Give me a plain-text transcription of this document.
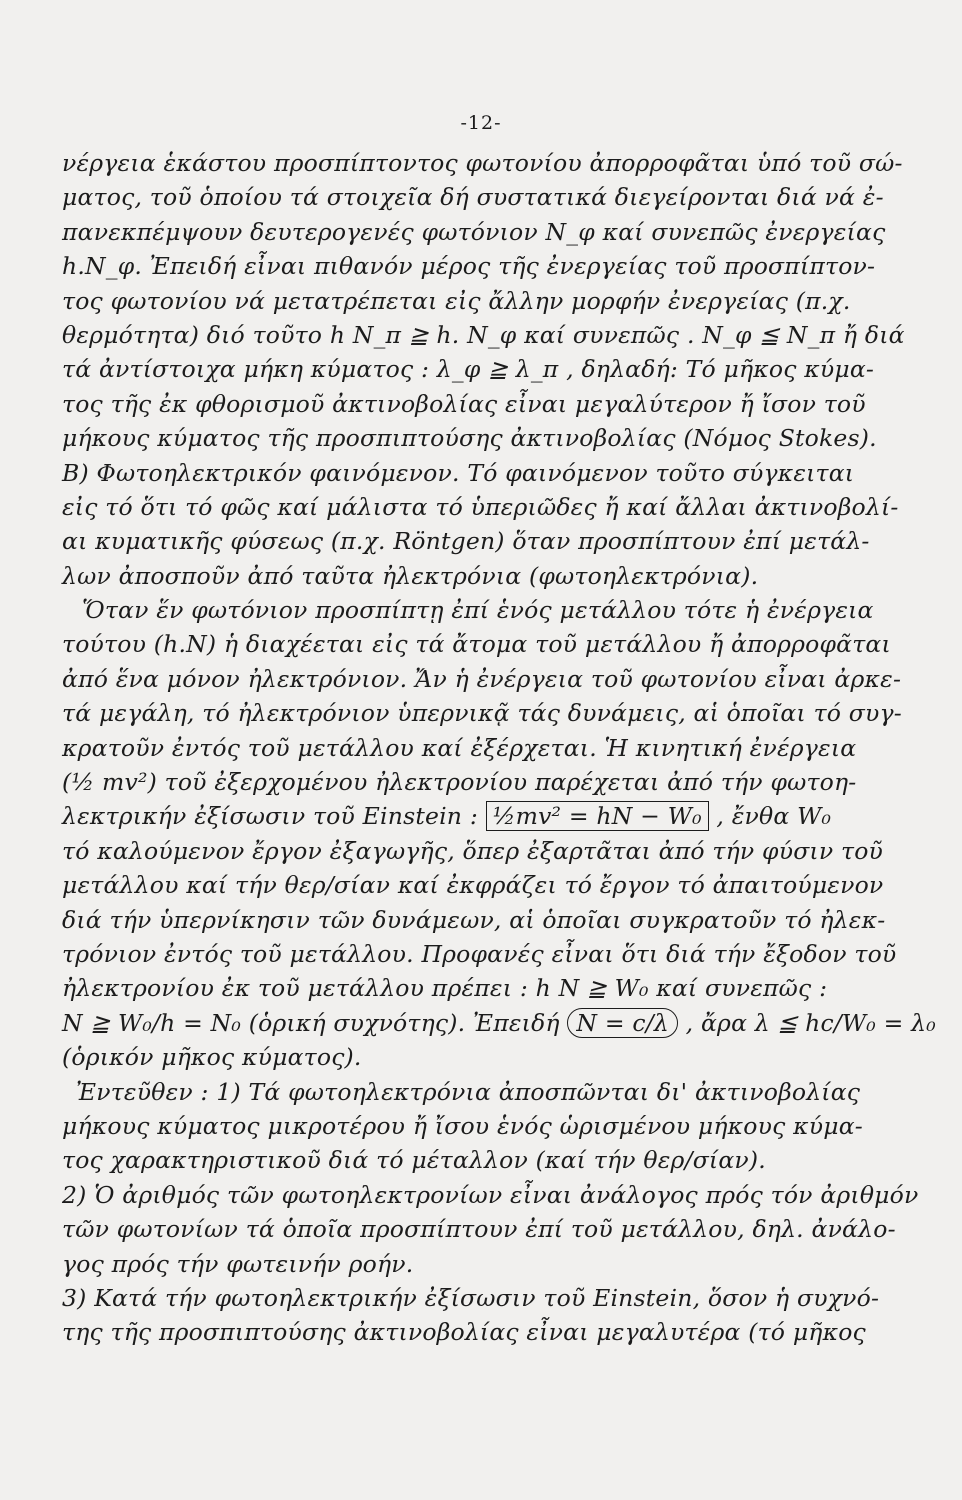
-12-
νέργεια ἑκάστου προσπίπτοντος φωτονίου ἀπορροφᾶται ὑπό τοῦ σώ-
ματος, τοῦ ὁποίου τά στοιχεῖα δή συστατικά διεγείρονται διά νά ἐ-
πανεκπέμψουν δευτερογενές φωτόνιον N_φ καί συνεπῶς ἐνεργείας
h.N_φ. Ἐπειδή εἶναι πιθανόν μέρος τῆς ἐνεργείας τοῦ προσπίπτον-
τος φωτονίου νά μετατρέπεται εἰς ἄλλην μορφήν ἐνεργείας (π.χ.
θερμότητα) διό τοῦτο h N_π ≧ h. N_φ καί συνεπῶς . N_φ ≦ N_π ἤ διά
τά ἀντίστοιχα μήκη κύματος : λ_φ ≧ λ_π , δηλαδή: Τό μῆκος κύμα-
τος τῆς ἐκ φθορισμοῦ ἀκτινοβολίας εἶναι μεγαλύτερον ἤ ἴσον τοῦ
μήκους κύματος τῆς προσπιπτούσης ἀκτινοβολίας (Νόμος Stokes).
B) Φωτοηλεκτρικόν φαινόμενον. Τό φαινόμενον τοῦτο σύγκειται
εἰς τό ὅτι τό φῶς καί μάλιστα τό ὑπεριῶδες ἤ καί ἄλλαι ἀκτινοβολί-
αι κυματικῆς φύσεως (π.χ. Röntgen) ὅταν προσπίπτουν ἐπί μετάλ-
λων ἀποσποῦν ἀπό ταῦτα ἠλεκτρόνια (φωτοηλεκτρόνια).
Ὅταν ἕν φωτόνιον προσπίπτῃ ἐπί ἑνός μετάλλου τότε ἡ ἐνέργεια
τούτου (h.N) ἡ διαχέεται εἰς τά ἄτομα τοῦ μετάλλου ἤ ἀπορροφᾶται
ἀπό ἕνα μόνον ἠλεκτρόνιον. Ἄν ἡ ἐνέργεια τοῦ φωτονίου εἶναι ἀρκε-
τά μεγάλη, τό ἠλεκτρόνιον ὑπερνικᾷ τάς δυνάμεις, αἱ ὁποῖαι τό συγ-
κρατοῦν ἐντός τοῦ μετάλλου καί ἐξέρχεται. Ἡ κινητική ἐνέργεια
(½ mv²) τοῦ ἐξερχομένου ἠλεκτρονίου παρέχεται ἀπό τήν φωτοη-
λεκτρικήν ἐξίσωσιν τοῦ Einstein : ½mv² = hN − W₀ , ἔνθα W₀
τό καλούμενον ἔργον ἐξαγωγῆς, ὅπερ ἐξαρτᾶται ἀπό τήν φύσιν τοῦ
μετάλλου καί τήν θερ/σίαν καί ἐκφράζει τό ἔργον τό ἀπαιτούμενον
διά τήν ὑπερνίκησιν τῶν δυνάμεων, αἱ ὁποῖαι συγκρατοῦν τό ἠλεκ-
τρόνιον ἐντός τοῦ μετάλλου. Προφανές εἶναι ὅτι διά τήν ἔξοδον τοῦ
ἠλεκτρονίου ἐκ τοῦ μετάλλου πρέπει : h N ≧ W₀ καί συνεπῶς :
N ≧ W₀/h = N₀ (ὁρική συχνότης). Ἐπειδή N = c/λ , ἄρα λ ≦ hc/W₀ = λ₀
(ὁρικόν μῆκος κύματος).
Ἐντεῦθεν : 1) Τά φωτοηλεκτρόνια ἀποσπῶνται δι' ἀκτινοβολίας
μήκους κύματος μικροτέρου ἤ ἴσου ἑνός ὡρισμένου μήκους κύμα-
τος χαρακτηριστικοῦ διά τό μέταλλον (καί τήν θερ/σίαν).
2) Ὁ ἀριθμός τῶν φωτοηλεκτρονίων εἶναι ἀνάλογος πρός τόν ἀριθμόν
τῶν φωτονίων τά ὁποῖα προσπίπτουν ἐπί τοῦ μετάλλου, δηλ. ἀνάλο-
γος πρός τήν φωτεινήν ροήν.
3) Κατά τήν φωτοηλεκτρικήν ἐξίσωσιν τοῦ Einstein, ὅσον ἡ συχνό-
της τῆς προσπιπτούσης ἀκτινοβολίας εἶναι μεγαλυτέρα (τό μῆκος
